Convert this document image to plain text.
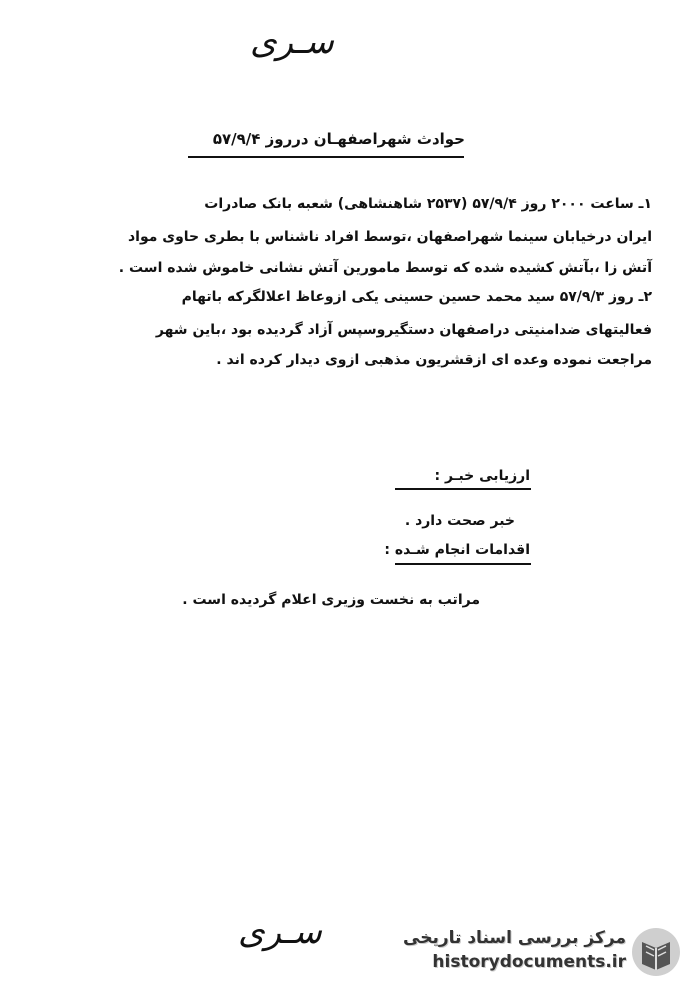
سـری
حوادث شهراصفهـان درروز ۵۷/۹/۴
۱ـ ساعت ۲۰۰۰ روز ۵۷/۹/۴ (۲۵۳۷ شاهنشاهی) شعبه بانک صادرات
ایران درخیابان سینما شهراصفهان ،توسط افراد ناشناس با بطری حاوی مواد
آتش زا ،بآتش کشیده شده که توسط مامورین آتش نشانی خاموش شده است .
۲ـ روز ۵۷/۹/۳ سید محمد حسین حسینی یکی ازوعاظ اعلالگرکه باتهام
فعالیتهای ضدامنیتی دراصفهان دستگیروسپس آزاد گردیده بود ،باین شهر
مراجعت نموده وعده ای ازقشریون مذهبی ازوی دیدار کرده اند .
ارزیابی خبـر :
خبر صحت دارد .
اقدامات انجام شـده :
مراتب به نخست وزیری اعلام گردیده است .
سـری	مرکز بررسی اسناد تاریخی
historydocuments.ir
